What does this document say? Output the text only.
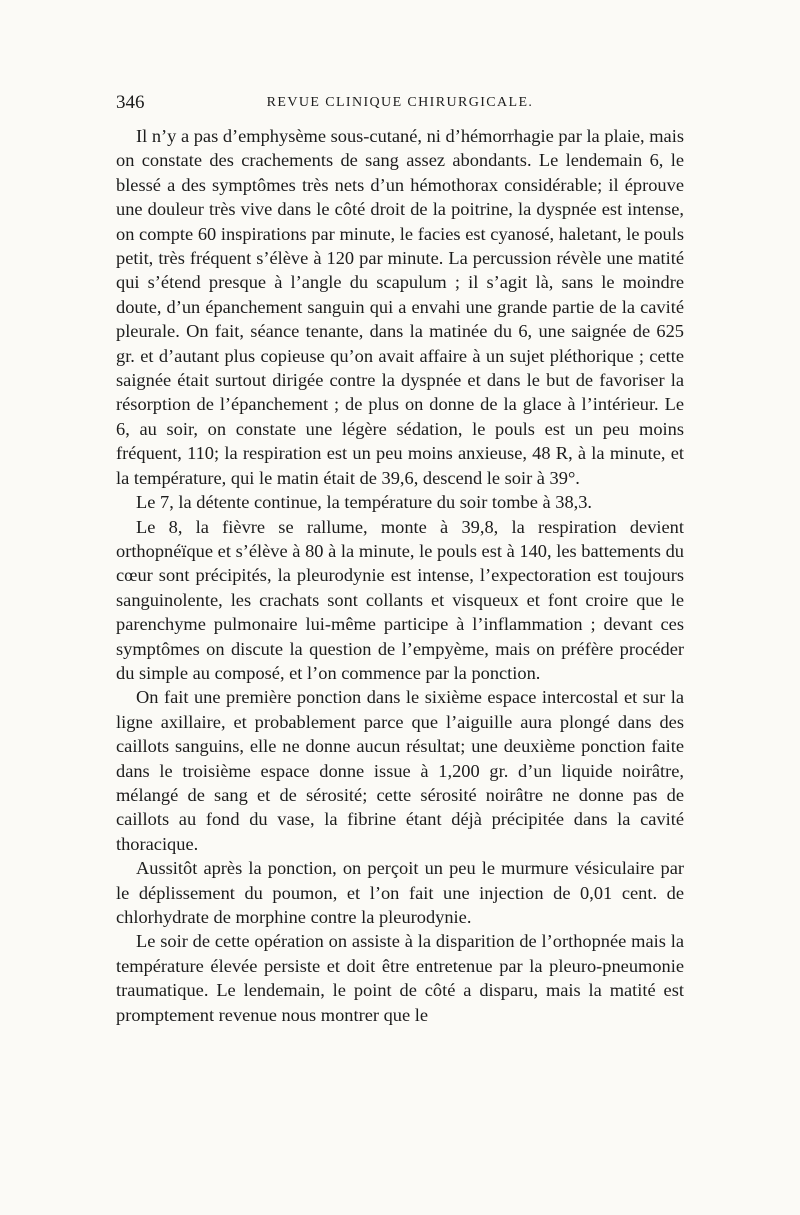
346	REVUE CLINIQUE CHIRURGICALE.

Il n’y a pas d’emphysème sous-cutané, ni d’hémorrhagie par la plaie, mais on constate des crachements de sang assez abondants. Le lendemain 6, le blessé a des symptômes très nets d’un hémothorax considérable; il éprouve une douleur très vive dans le côté droit de la poitrine, la dyspnée est intense, on compte 60 inspirations par minute, le facies est cyanosé, haletant, le pouls petit, très fréquent s’élève à 120 par minute. La percussion révèle une matité qui s’étend presque à l’angle du scapulum ; il s’agit là, sans le moindre doute, d’un épanchement sanguin qui a envahi une grande partie de la cavité pleurale. On fait, séance tenante, dans la matinée du 6, une saignée de 625 gr. et d’autant plus copieuse qu’on avait affaire à un sujet pléthorique ; cette saignée était surtout dirigée contre la dyspnée et dans le but de favoriser la résorption de l’épanchement ; de plus on donne de la glace à l’intérieur. Le 6, au soir, on constate une légère sédation, le pouls est un peu moins fréquent, 110; la respiration est un peu moins anxieuse, 48 R, à la minute, et la température, qui le matin était de 39,6, descend le soir à 39°.

Le 7, la détente continue, la température du soir tombe à 38,3.

Le 8, la fièvre se rallume, monte à 39,8, la respiration devient orthopnéïque et s’élève à 80 à la minute, le pouls est à 140, les battements du cœur sont précipités, la pleurodynie est intense, l’expectoration est toujours sanguinolente, les crachats sont collants et visqueux et font croire que le parenchyme pulmonaire lui-même participe à l’inflammation ; devant ces symptômes on discute la question de l’empyème, mais on préfère procéder du simple au composé, et l’on commence par la ponction.

On fait une première ponction dans le sixième espace intercostal et sur la ligne axillaire, et probablement parce que l’aiguille aura plongé dans des caillots sanguins, elle ne donne aucun résultat; une deuxième ponction faite dans le troisième espace donne issue à 1,200 gr. d’un liquide noirâtre, mélangé de sang et de sérosité; cette sérosité noirâtre ne donne pas de caillots au fond du vase, la fibrine étant déjà précipitée dans la cavité thoracique.

Aussitôt après la ponction, on perçoit un peu le murmure vésiculaire par le déplissement du poumon, et l’on fait une injection de 0,01 cent. de chlorhydrate de morphine contre la pleurodynie.

Le soir de cette opération on assiste à la disparition de l’orthopnée mais la température élevée persiste et doit être entretenue par la pleuro-pneumonie traumatique. Le lendemain, le point de côté a disparu, mais la matité est promptement revenue nous montrer que le
